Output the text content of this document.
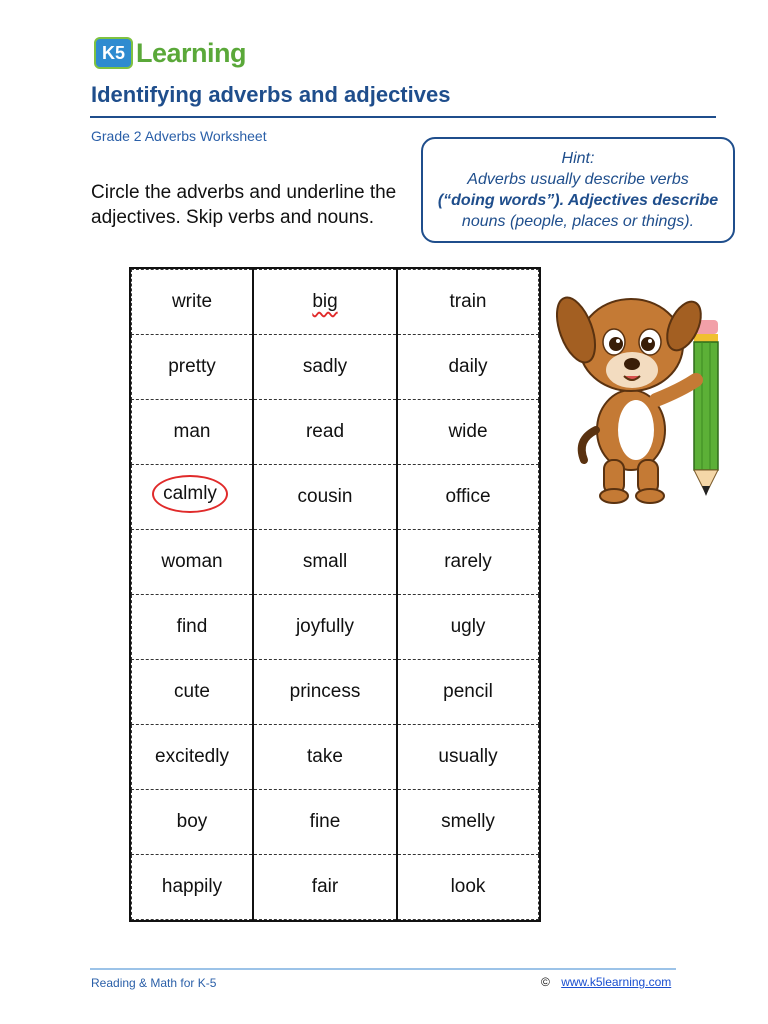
K5 Learning
Identifying adverbs and adjectives
Grade 2 Adverbs Worksheet
Hint:
Adverbs usually describe verbs
(“doing words”). Adjectives describe
nouns (people, places or things).
Circle the adverbs and underline the adjectives. Skip verbs and nouns.
write	big	train
pretty	sadly	daily
man	read	wide
calmly	cousin	office
woman	small	rarely
find	joyfully	ugly
cute	princess	pencil
excitedly	take	usually
boy	fine	smelly
happily	fair	look
Reading & Math for K-5	© www.k5learning.com
